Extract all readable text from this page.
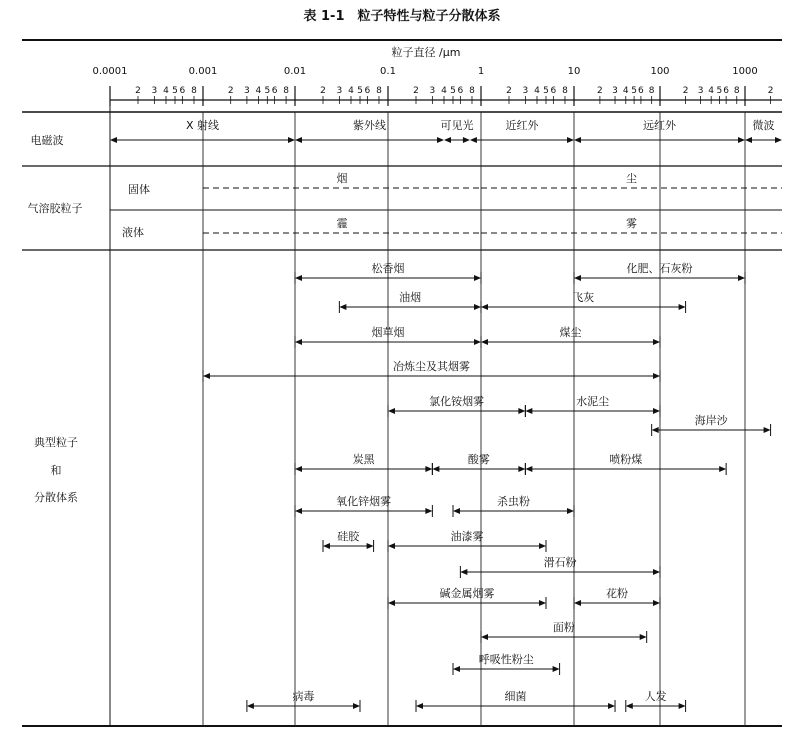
表 1-1　粒子特性与粒子分散体系
粒子直径 /μm
0.0001	0.001	0.01	0.1	1	10	100	1000
2 3 4 5 6 8	2 3 4 5 6 8	2 3 4 5 6 8	2 3 4 5 6 8	2 3 4 5 6 8	2 3 4 5 6 8	2 3 4 5 6 8	2
电磁波
气溶胶粒子
固体
液体
典型粒子
和
分散体系
X 射线	紫外线	可见光	近红外	远红外	微波
烟	尘
霾	雾
松香烟	化肥、石灰粉
油烟	飞灰
烟草烟	煤尘
冶炼尘及其烟雾
氯化铵烟雾	水泥尘
海岸沙
炭黑	酸雾	喷粉煤
氧化锌烟雾	杀虫粉
硅胶	油漆雾
滑石粉
碱金属烟雾	花粉
面粉
呼吸性粉尘
病毒	细菌	人发
